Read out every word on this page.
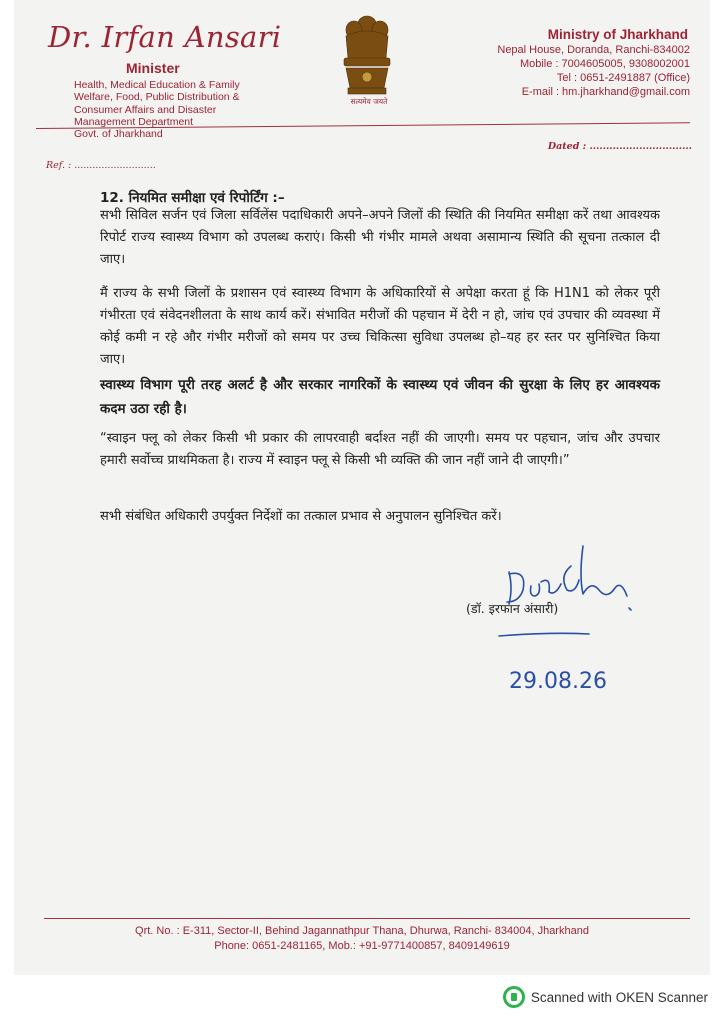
Dr. Irfan Ansari
Minister
Health, Medical Education & Family
Welfare, Food, Public Distribution &
Consumer Affairs and Disaster
Management Department
Govt. of Jharkhand
सत्यमेव जयते
Ministry of Jharkhand
Nepal House, Doranda, Ranchi-834002
Mobile : 7004605005, 9308002001
Tel : 0651-2491887 (Office)
E-mail : hm.jharkhand@gmail.com
Dated : ...............................
Ref. : ...........................
12. नियमित समीक्षा एवं रिपोर्टिंग :–
सभी सिविल सर्जन एवं जिला सर्विलेंस पदाधिकारी अपने–अपने जिलों की स्थिति की नियमित समीक्षा करें तथा आवश्यक रिपोर्ट राज्य स्वास्थ्य विभाग को उपलब्ध कराएं। किसी भी गंभीर मामले अथवा असामान्य स्थिति की सूचना तत्काल दी जाए।
मैं राज्य के सभी जिलों के प्रशासन एवं स्वास्थ्य विभाग के अधिकारियों से अपेक्षा करता हूं कि H1N1 को लेकर पूरी गंभीरता एवं संवेदनशीलता के साथ कार्य करें। संभावित मरीजों की पहचान में देरी न हो, जांच एवं उपचार की व्यवस्था में कोई कमी न रहे और गंभीर मरीजों को समय पर उच्च चिकित्सा सुविधा उपलब्ध हो–यह हर स्तर पर सुनिश्चित किया जाए।
स्वास्थ्य विभाग पूरी तरह अलर्ट है और सरकार नागरिकों के स्वास्थ्य एवं जीवन की सुरक्षा के लिए हर आवश्यक कदम उठा रही है।
“स्वाइन फ्लू को लेकर किसी भी प्रकार की लापरवाही बर्दाश्त नहीं की जाएगी। समय पर पहचान, जांच और उपचार हमारी सर्वोच्च प्राथमिकता है। राज्य में स्वाइन फ्लू से किसी भी व्यक्ति की जान नहीं जाने दी जाएगी।”
सभी संबंधित अधिकारी उपर्युक्त निर्देशों का तत्काल प्रभाव से अनुपालन सुनिश्चित करें।
29.08.26
(डॉ. इरफान अंसारी)
Qrt. No. : E-311, Sector-II, Behind Jagannathpur Thana, Dhurwa, Ranchi- 834004, Jharkhand
Phone: 0651-2481165, Mob.: +91-9771400857, 8409149619
Scanned with OKEN Scanner
